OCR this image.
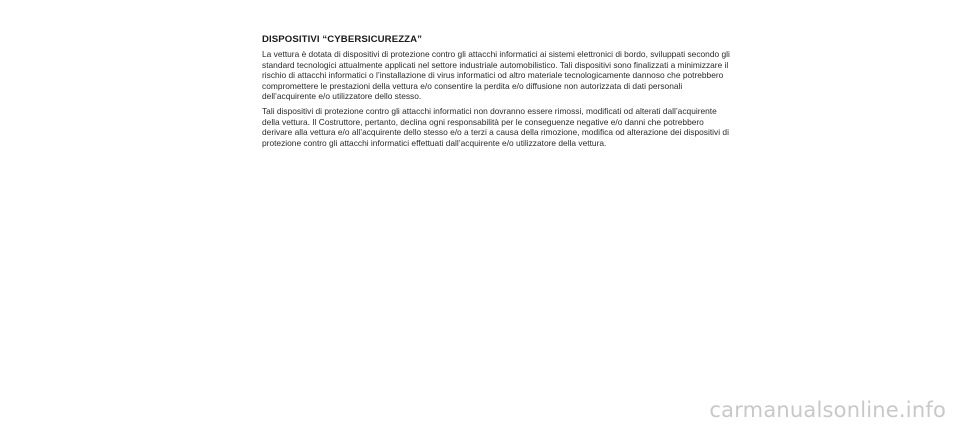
DISPOSITIVI “CYBERSICUREZZA”

La vettura è dotata di dispositivi di protezione contro gli attacchi informatici ai sistemi elettronici di bordo, sviluppati secondo gli
standard tecnologici attualmente applicati nel settore industriale automobilistico. Tali dispositivi sono finalizzati a minimizzare il
rischio di attacchi informatici o l’installazione di virus informatici od altro materiale tecnologicamente dannoso che potrebbero
compromettere le prestazioni della vettura e/o consentire la perdita e/o diffusione non autorizzata di dati personali
dell’acquirente e/o utilizzatore dello stesso.

Tali dispositivi di protezione contro gli attacchi informatici non dovranno essere rimossi, modificati od alterati dall’acquirente
della vettura. Il Costruttore, pertanto, declina ogni responsabilità per le conseguenze negative e/o danni che potrebbero
derivare alla vettura e/o all’acquirente dello stesso e/o a terzi a causa della rimozione, modifica od alterazione dei dispositivi di
protezione contro gli attacchi informatici effettuati dall’acquirente e/o utilizzatore della vettura.

carmanualsonline.info
